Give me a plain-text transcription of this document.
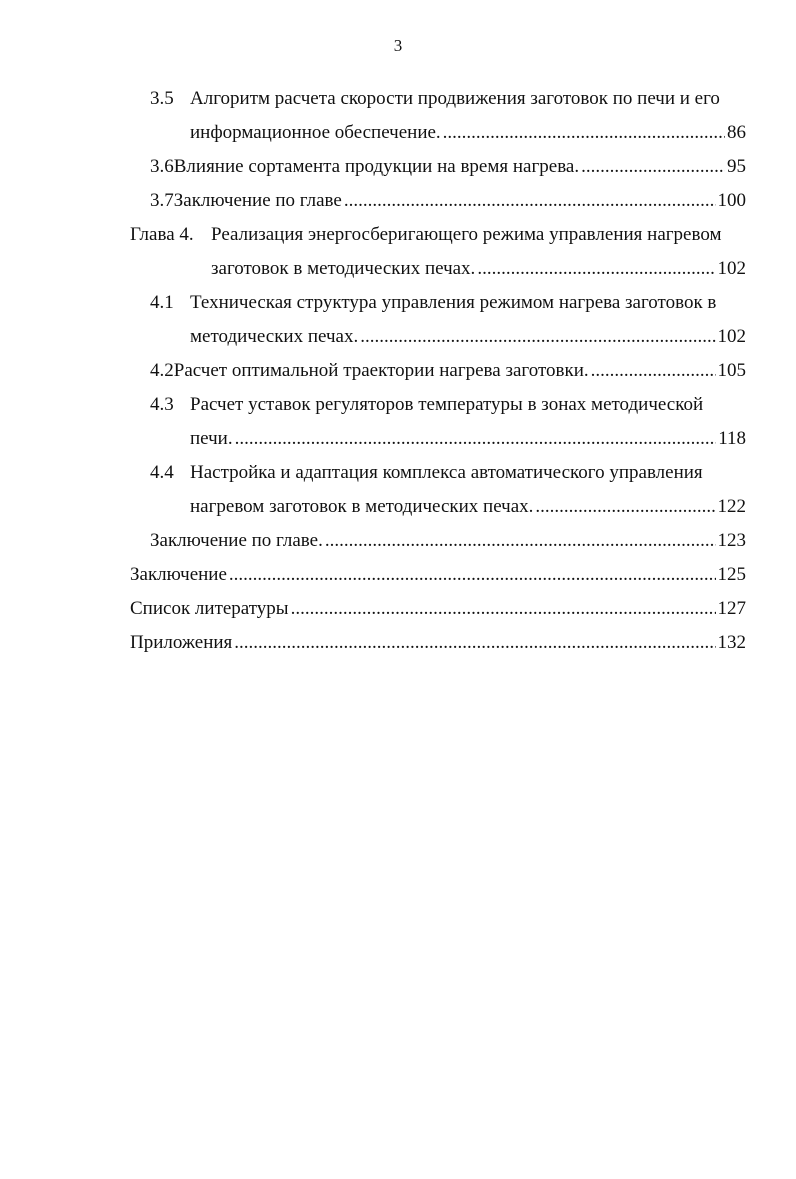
3
3.5 Алгоритм расчета скорости продвижения заготовок по печи и его
информационное обеспечение. .....	86
3.6 Влияние сортамента продукции на время нагрева. .....	95
3.7 Заключение по главе .....	100
Глава 4. Реализация энергосберигающего режима управления нагревом
заготовок в методических печах. .....	102
4.1 Техническая структура управления режимом нагрева заготовок в
методических печах. .....	102
4.2 Расчет оптимальной траектории нагрева заготовки. .....	105
4.3 Расчет уставок регуляторов температуры в зонах методической
печи. .....	118
4.4 Настройка и адаптация комплекса автоматического управления
нагревом заготовок в методических печах. .....	122
Заключение по главе. .....	123
Заключение .....	125
Список литературы .....	127
Приложения .....	132
